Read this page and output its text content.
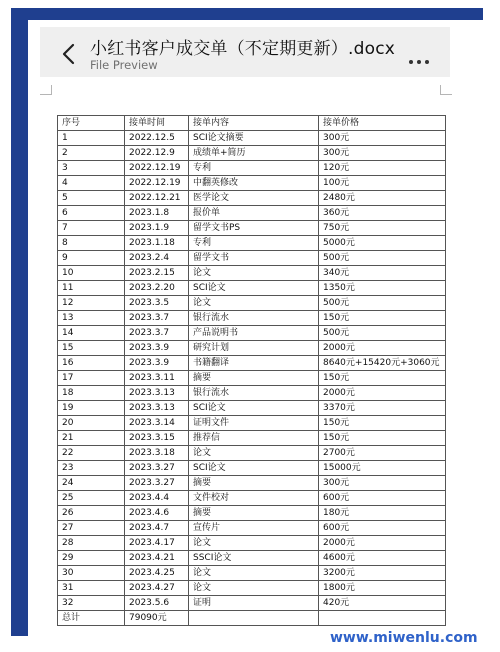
小红书客户成交单（不定期更新）.docx
File Preview
序号	接单时间	接单内容	接单价格
1	2022.12.5	SCI论文摘要	300元
2	2022.12.9	成绩单+简历	300元
3	2022.12.19	专利	120元
4	2022.12.19	中翻英修改	100元
5	2022.12.21	医学论文	2480元
6	2023.1.8	报价单	360元
7	2023.1.9	留学文书PS	750元
8	2023.1.18	专利	5000元
9	2023.2.4	留学文书	500元
10	2023.2.15	论文	340元
11	2023.2.20	SCI论文	1350元
12	2023.3.5	论文	500元
13	2023.3.7	银行流水	150元
14	2023.3.7	产品说明书	500元
15	2023.3.9	研究计划	2000元
16	2023.3.9	书籍翻译	8640元+15420元+3060元
17	2023.3.11	摘要	150元
18	2023.3.13	银行流水	2000元
19	2023.3.13	SCI论文	3370元
20	2023.3.14	证明文件	150元
21	2023.3.15	推荐信	150元
22	2023.3.18	论文	2700元
23	2023.3.27	SCI论文	15000元
24	2023.3.27	摘要	300元
25	2023.4.4	文件校对	600元
26	2023.4.6	摘要	180元
27	2023.4.7	宣传片	600元
28	2023.4.17	论文	2000元
29	2023.4.21	SSCI论文	4600元
30	2023.4.25	论文	3200元
31	2023.4.27	论文	1800元
32	2023.5.6	证明	420元
总计	79090元		
www.miwenlu.com
